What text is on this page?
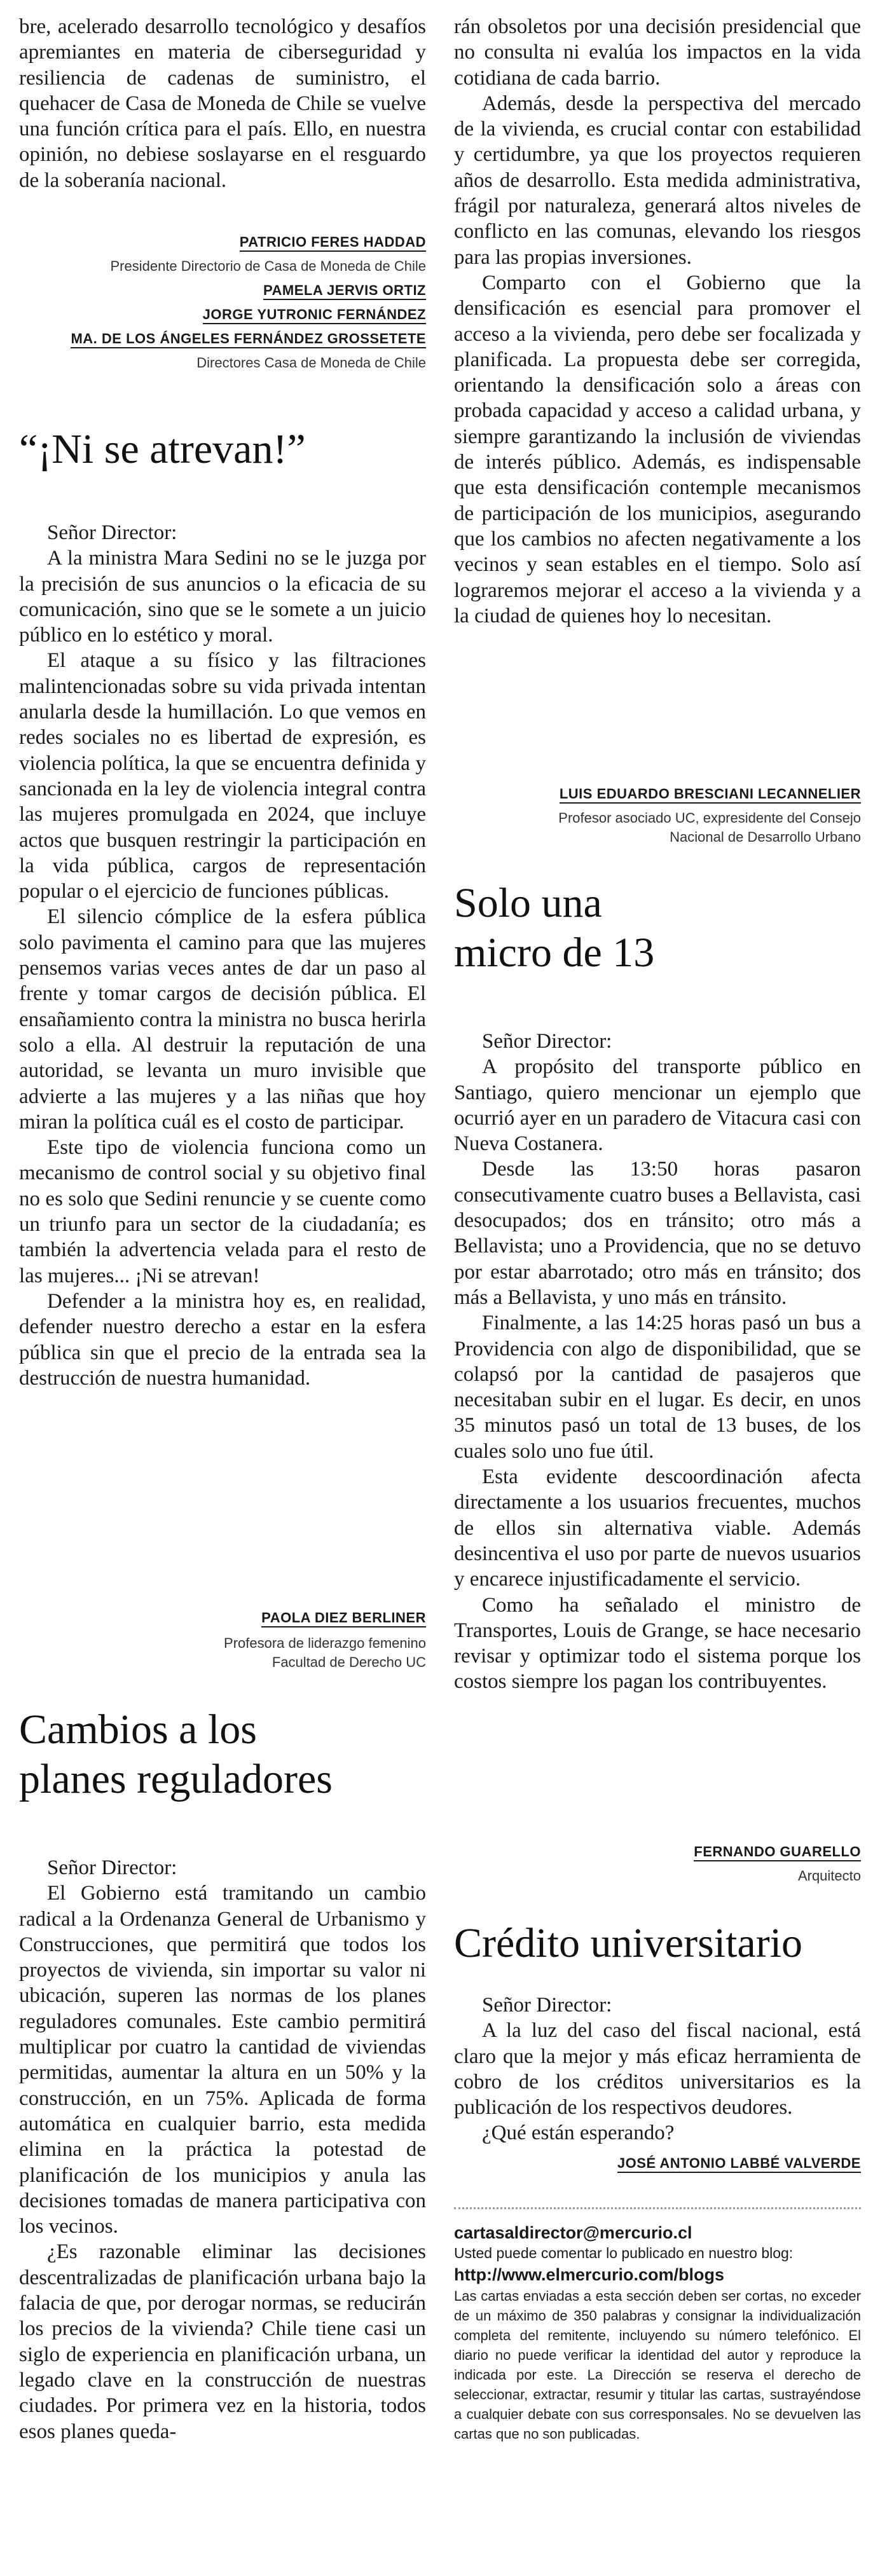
bre, acelerado desarrollo tecnológico y desafíos apremiantes en materia de ciberseguridad y resiliencia de cadenas de suministro, el quehacer de Casa de Moneda de Chile se vuelve una función crítica para el país. Ello, en nuestra opinión, no debiese soslayarse en el resguardo de la soberanía nacional.

PATRICIO FERES HADDAD

Presidente Directorio de Casa de Moneda de Chile

PAMELA JERVIS ORTIZ

JORGE YUTRONIC FERNÁNDEZ

MA. DE LOS ÁNGELES FERNÁNDEZ GROSSETETE

Directores Casa de Moneda de Chile

“¡Ni se atrevan!”

Señor Director:

A la ministra Mara Sedini no se le juzga por la precisión de sus anuncios o la eficacia de su comunicación, sino que se le somete a un juicio público en lo estético y moral.

El ataque a su físico y las filtraciones malintencionadas sobre su vida privada intentan anularla desde la humillación. Lo que vemos en redes sociales no es libertad de expresión, es violencia política, la que se encuentra definida y sancionada en la ley de violencia integral contra las mujeres promulgada en 2024, que incluye actos que busquen restringir la participación en la vida pública, cargos de representación popular o el ejercicio de funciones públicas.

El silencio cómplice de la esfera pública solo pavimenta el camino para que las mujeres pensemos varias veces antes de dar un paso al frente y tomar cargos de decisión pública. El ensañamiento contra la ministra no busca herirla solo a ella. Al destruir la reputación de una autoridad, se levanta un muro invisible que advierte a las mujeres y a las niñas que hoy miran la política cuál es el costo de participar.

Este tipo de violencia funciona como un mecanismo de control social y su objetivo final no es solo que Sedini renuncie y se cuente como un triunfo para un sector de la ciudadanía; es también la advertencia velada para el resto de las mujeres... ¡Ni se atrevan!

Defender a la ministra hoy es, en realidad, defender nuestro derecho a estar en la esfera pública sin que el precio de la entrada sea la destrucción de nuestra humanidad.

PAOLA DIEZ BERLINER

Profesora de liderazgo femenino

Facultad de Derecho UC

Cambios a los
planes reguladores

Señor Director:

El Gobierno está tramitando un cambio radical a la Ordenanza General de Urbanismo y Construcciones, que permitirá que todos los proyectos de vivienda, sin importar su valor ni ubicación, superen las normas de los planes reguladores comunales. Este cambio permitirá multiplicar por cuatro la cantidad de viviendas permitidas, aumentar la altura en un 50% y la construcción, en un 75%. Aplicada de forma automática en cualquier barrio, esta medida elimina en la práctica la potestad de planificación de los municipios y anula las decisiones tomadas de manera participativa con los vecinos.

¿Es razonable eliminar las decisiones descentralizadas de planificación urbana bajo la falacia de que, por derogar normas, se reducirán los precios de la vivienda? Chile tiene casi un siglo de experiencia en planificación urbana, un legado clave en la construcción de nuestras ciudades. Por primera vez en la historia, todos esos planes queda-

rán obsoletos por una decisión presidencial que no consulta ni evalúa los impactos en la vida cotidiana de cada barrio.

Además, desde la perspectiva del mercado de la vivienda, es crucial contar con estabilidad y certidumbre, ya que los proyectos requieren años de desarrollo. Esta medida administrativa, frágil por naturaleza, generará altos niveles de conflicto en las comunas, elevando los riesgos para las propias inversiones.

Comparto con el Gobierno que la densificación es esencial para promover el acceso a la vivienda, pero debe ser focalizada y planificada. La propuesta debe ser corregida, orientando la densificación solo a áreas con probada capacidad y acceso a calidad urbana, y siempre garantizando la inclusión de viviendas de interés público. Además, es indispensable que esta densificación contemple mecanismos de participación de los municipios, asegurando que los cambios no afecten negativamente a los vecinos y sean estables en el tiempo. Solo así lograremos mejorar el acceso a la vivienda y a la ciudad de quienes hoy lo necesitan.

LUIS EDUARDO BRESCIANI LECANNELIER

Profesor asociado UC, expresidente del Consejo

Nacional de Desarrollo Urbano

Solo una
micro de 13

Señor Director:

A propósito del transporte público en Santiago, quiero mencionar un ejemplo que ocurrió ayer en un paradero de Vitacura casi con Nueva Costanera.

Desde las 13:50 horas pasaron consecutivamente cuatro buses a Bellavista, casi desocupados; dos en tránsito; otro más a Bellavista; uno a Providencia, que no se detuvo por estar abarrotado; otro más en tránsito; dos más a Bellavista, y uno más en tránsito.

Finalmente, a las 14:25 horas pasó un bus a Providencia con algo de disponibilidad, que se colapsó por la cantidad de pasajeros que necesitaban subir en el lugar. Es decir, en unos 35 minutos pasó un total de 13 buses, de los cuales solo uno fue útil.

Esta evidente descoordinación afecta directamente a los usuarios frecuentes, muchos de ellos sin alternativa viable. Además desincentiva el uso por parte de nuevos usuarios y encarece injustificadamente el servicio.

Como ha señalado el ministro de Transportes, Louis de Grange, se hace necesario revisar y optimizar todo el sistema porque los costos siempre los pagan los contribuyentes.

FERNANDO GUARELLO

Arquitecto

Crédito universitario

Señor Director:

A la luz del caso del fiscal nacional, está claro que la mejor y más eficaz herramienta de cobro de los créditos universitarios es la publicación de los respectivos deudores.

¿Qué están esperando?

JOSÉ ANTONIO LABBÉ VALVERDE

cartasaldirector@mercurio.cl

Usted puede comentar lo publicado en nuestro blog:

http://www.elmercurio.com/blogs

Las cartas enviadas a esta sección deben ser cortas, no exceder de un máximo de 350 palabras y consignar la individualización completa del remitente, incluyendo su número telefónico. El diario no puede verificar la identidad del autor y reproduce la indicada por este. La Dirección se reserva el derecho de seleccionar, extractar, resumir y titular las cartas, sustrayéndose a cualquier debate con sus corresponsales. No se devuelven las cartas que no son publicadas.
